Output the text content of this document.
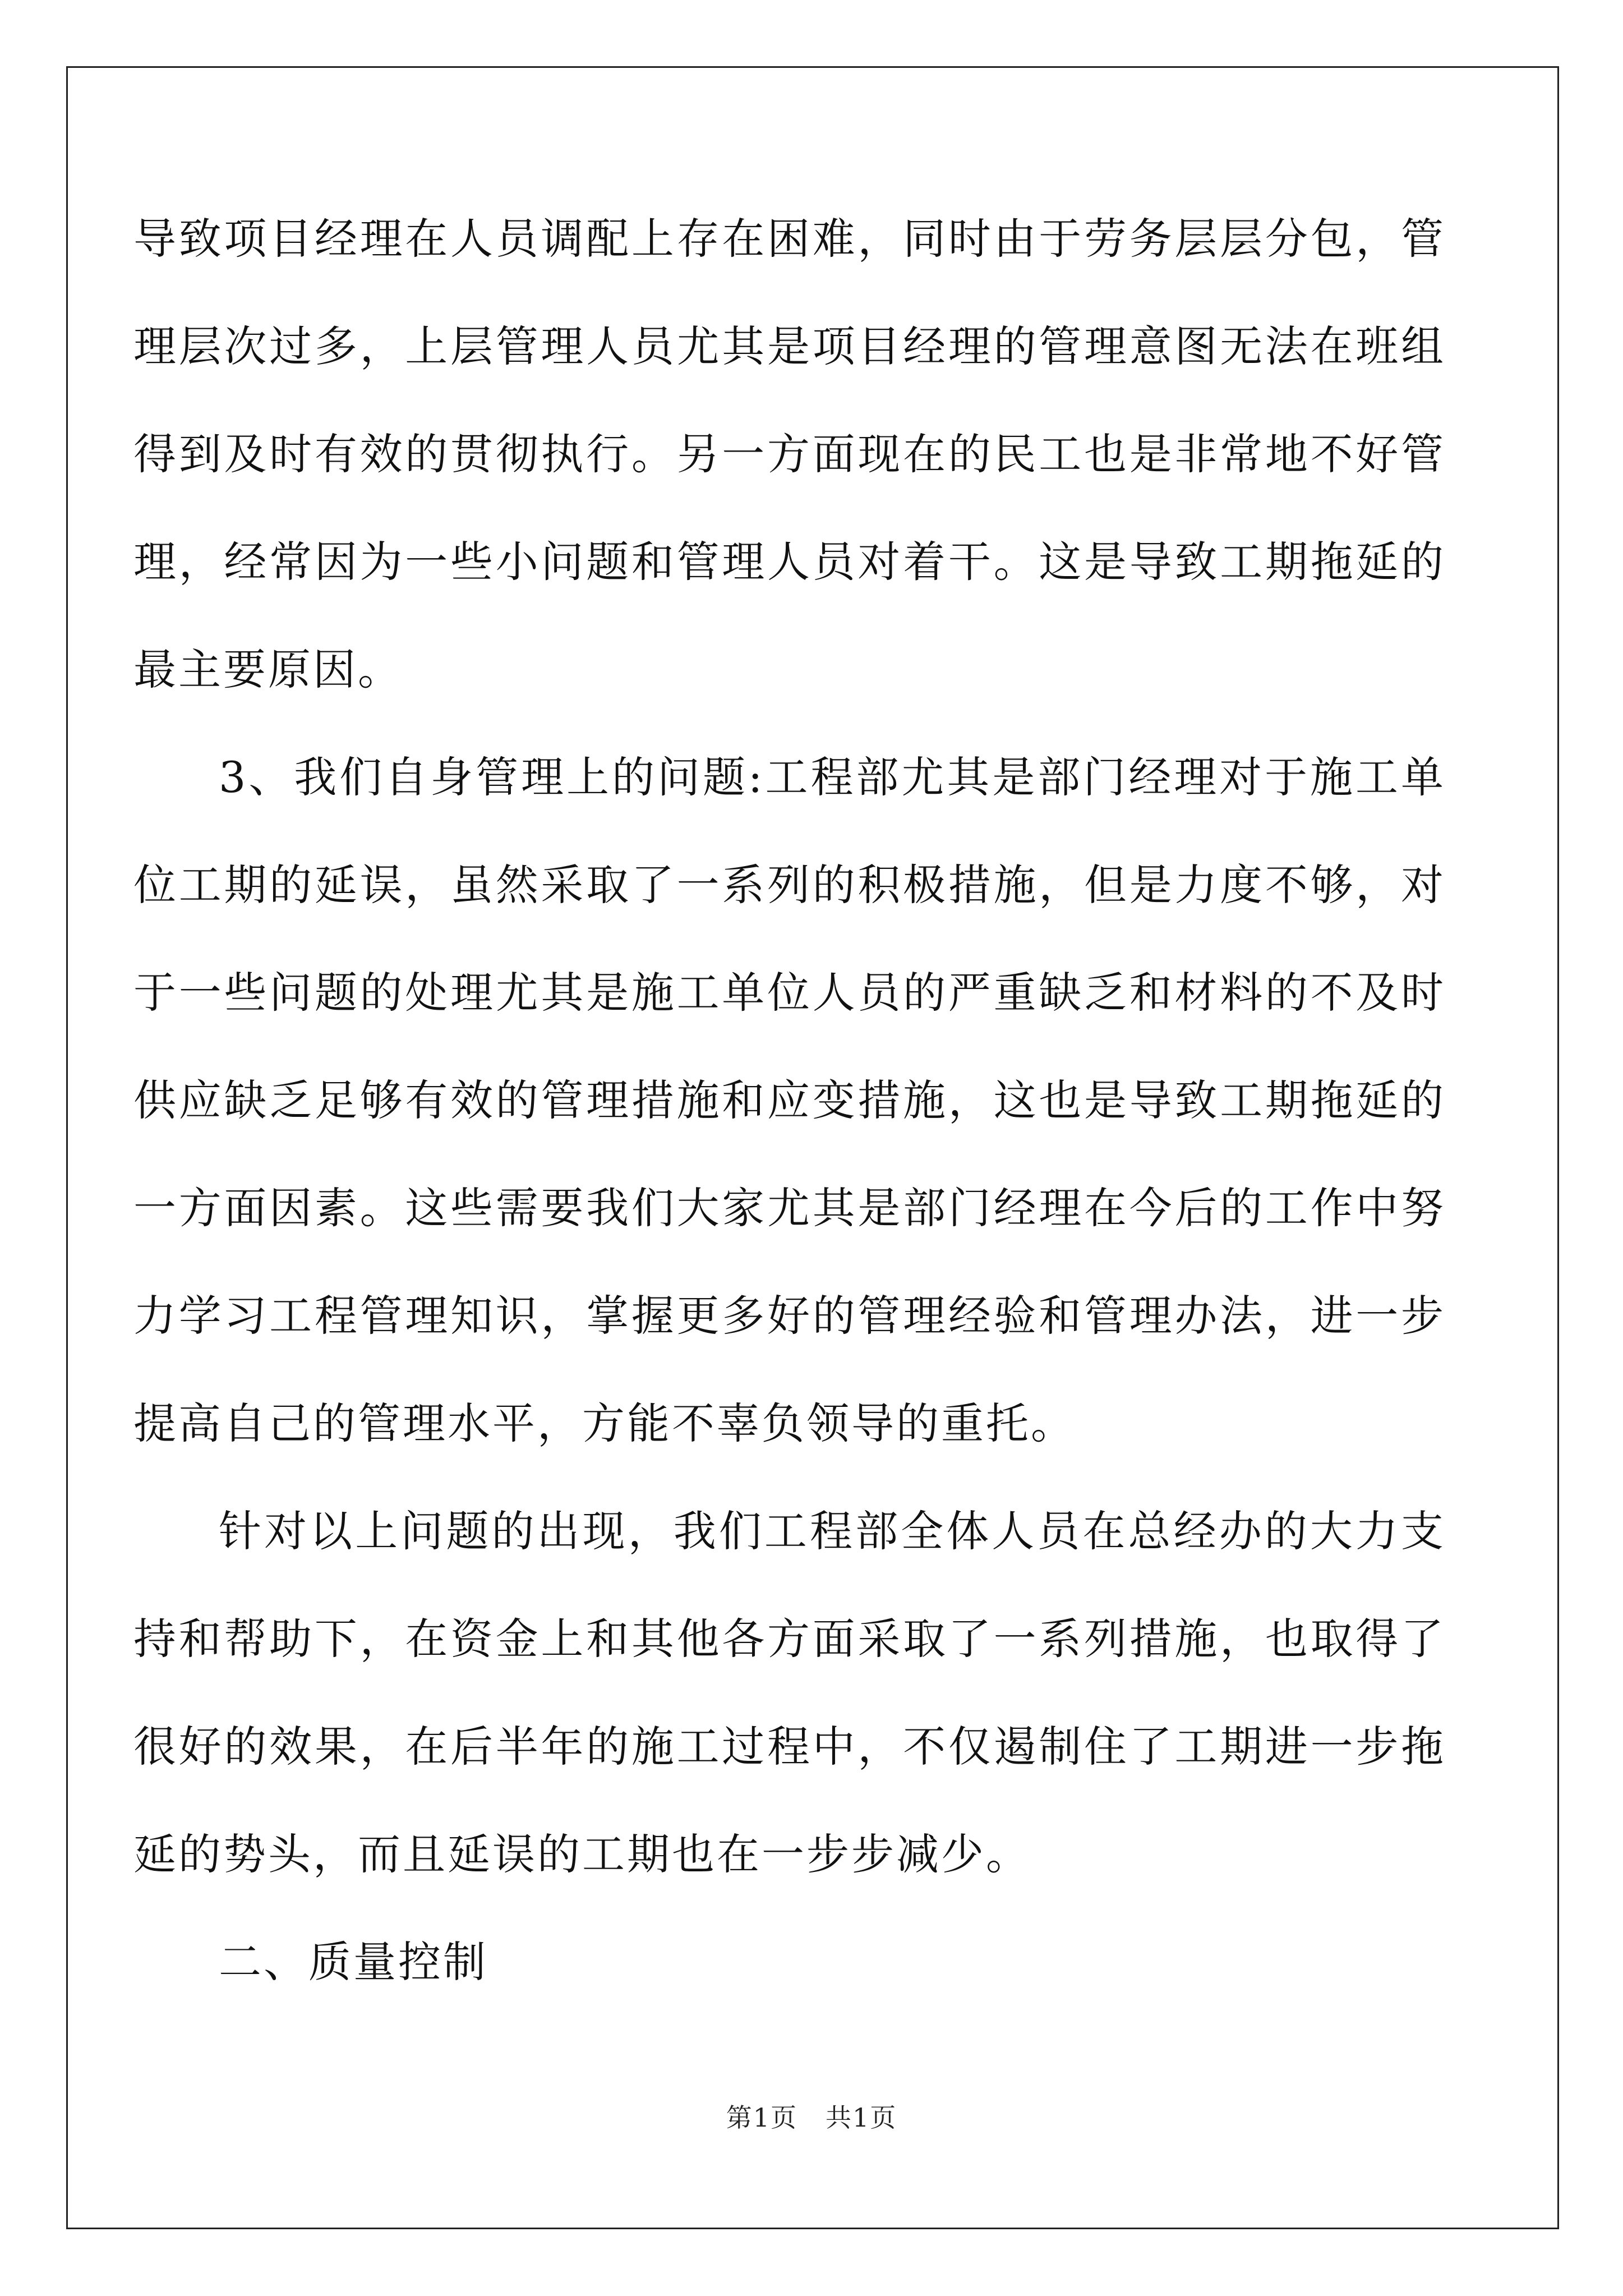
导致项目经理在人员调配上存在困难，同时由于劳务层层分包，管理层次过多，上层管理人员尤其是项目经理的管理意图无法在班组得到及时有效的贯彻执行。另一方面现在的民工也是非常地不好管理，经常因为一些小问题和管理人员对着干。这是导致工期拖延的最主要原因。

3、我们自身管理上的问题:工程部尤其是部门经理对于施工单位工期的延误，虽然采取了一系列的积极措施，但是力度不够，对于一些问题的处理尤其是施工单位人员的严重缺乏和材料的不及时供应缺乏足够有效的管理措施和应变措施，这也是导致工期拖延的一方面因素。这些需要我们大家尤其是部门经理在今后的工作中努力学习工程管理知识，掌握更多好的管理经验和管理办法，进一步提高自己的管理水平，方能不辜负领导的重托。

针对以上问题的出现，我们工程部全体人员在总经办的大力支持和帮助下，在资金上和其他各方面采取了一系列措施，也取得了很好的效果，在后半年的施工过程中，不仅遏制住了工期进一步拖延的势头，而且延误的工期也在一步步减少。

二、质量控制

第1页 共1页
